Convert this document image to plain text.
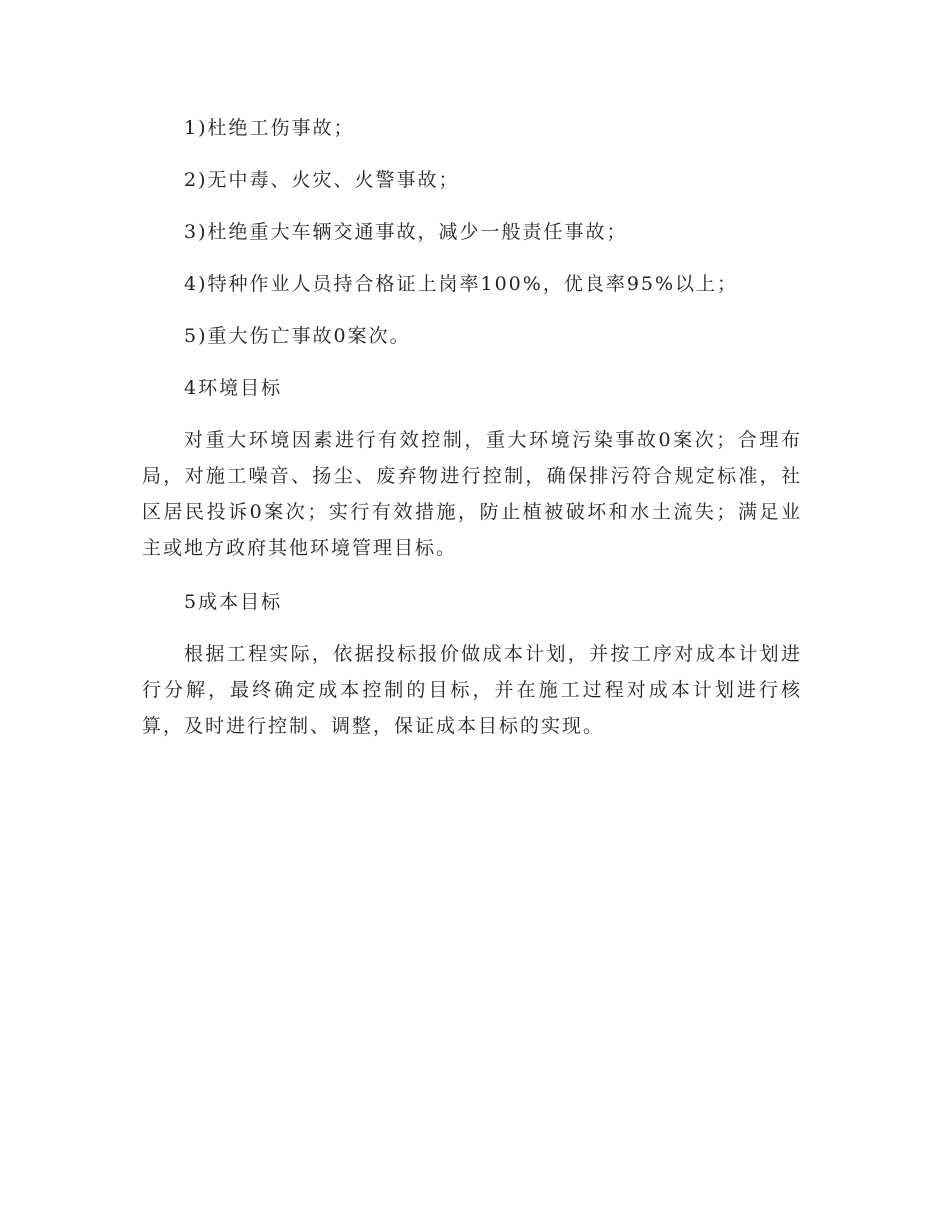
1)杜绝工伤事故；

2)无中毒、火灾、火警事故；

3)杜绝重大车辆交通事故，减少一般责任事故；

4)特种作业人员持合格证上岗率100%，优良率95%以上；

5)重大伤亡事故0案次。

4环境目标

对重大环境因素进行有效控制，重大环境污染事故0案次；合理布局，对施工噪音、扬尘、废弃物进行控制，确保排污符合规定标准，社区居民投诉0案次；实行有效措施，防止植被破坏和水土流失；满足业主或地方政府其他环境管理目标。

5成本目标

根据工程实际，依据投标报价做成本计划，并按工序对成本计划进行分解，最终确定成本控制的目标，并在施工过程对成本计划进行核算，及时进行控制、调整，保证成本目标的实现。
